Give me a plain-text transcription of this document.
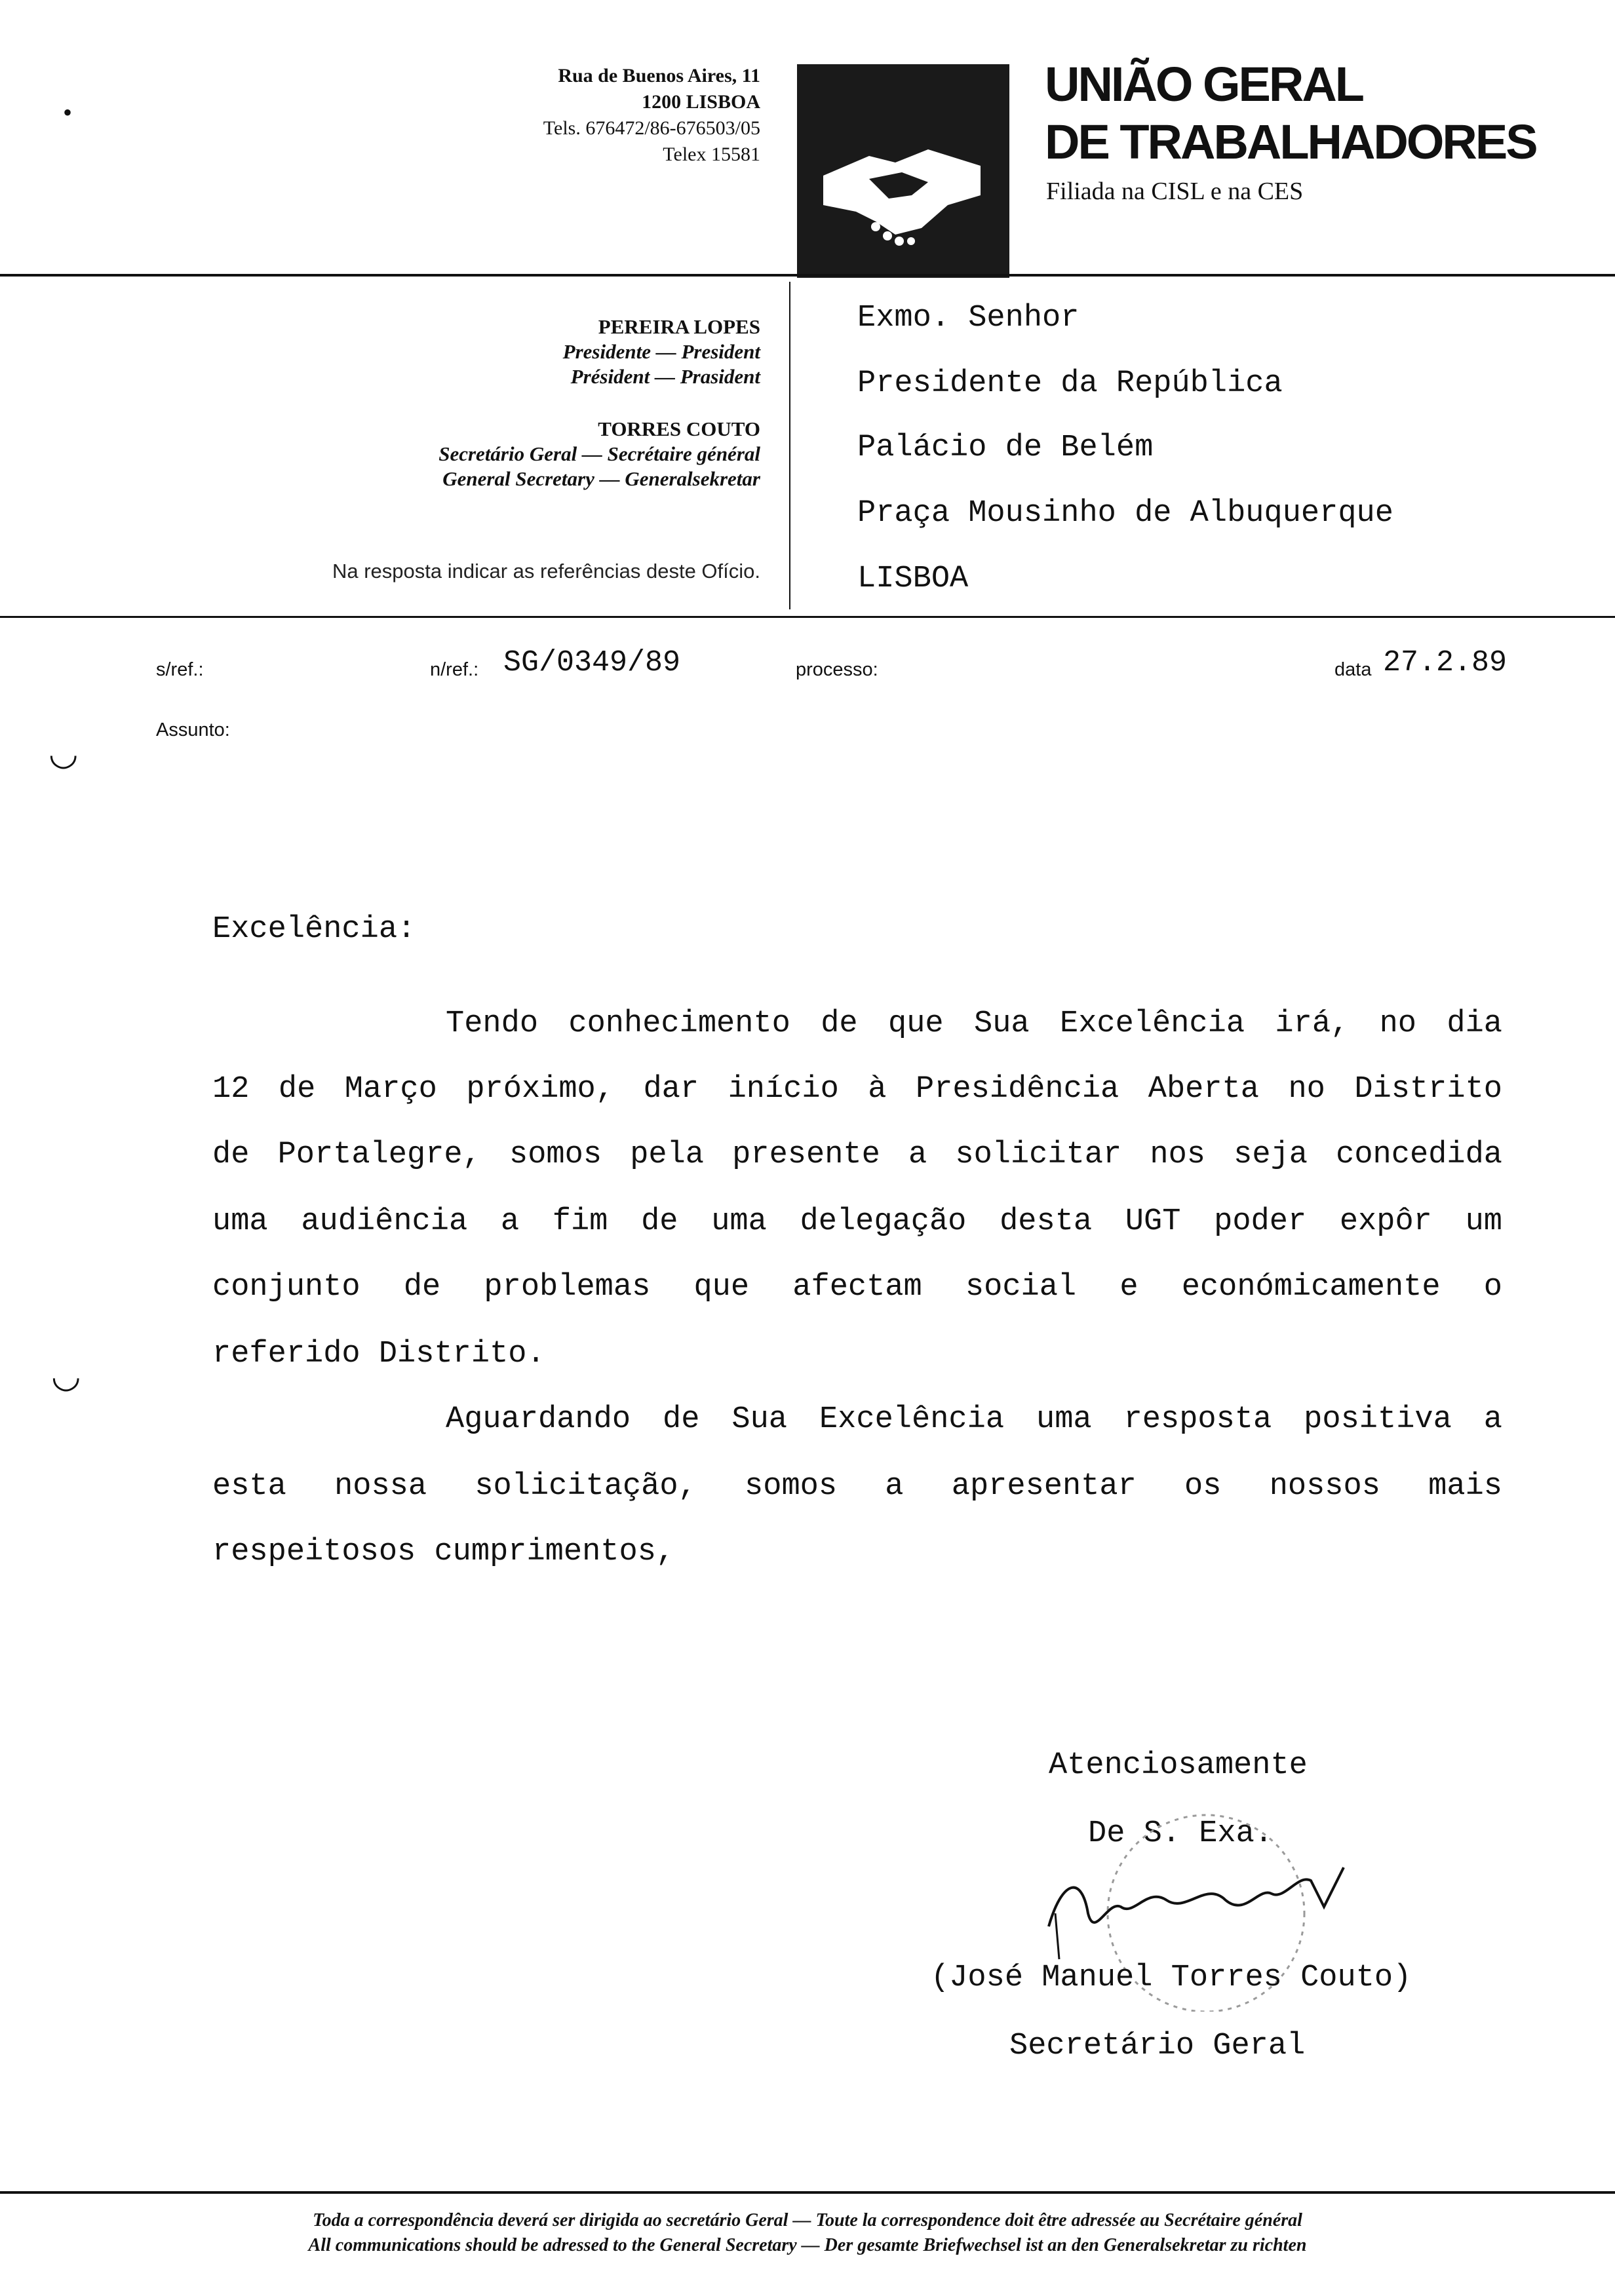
•
◡
◡
Rua de Buenos Aires, 11
1200 LISBOA
Tels. 676472/86-676503/05
Telex 15581
UNIÃO GERAL
DE TRABALHADORES
Filiada na CISL e na CES
PEREIRA LOPES
Presidente — President
Président — Prasident
TORRES COUTO
Secretário Geral — Secrétaire général
General Secretary — Generalsekretar
Na resposta indicar as referências deste Ofício.
Exmo. Senhor
Presidente da República
Palácio de Belém
Praça Mousinho de Albuquerque
LISBOA
s/ref.:	n/ref.: SG/0349/89	processo:	data 27.2.89
Assunto:
Excelência:
Tendo conhecimento de que Sua Excelência irá, no dia
12 de Março próximo, dar início à Presidência Aberta no Distrito
de Portalegre, somos pela presente a solicitar nos seja concedida
uma audiência a fim de uma delegação desta UGT poder expôr um
conjunto de problemas que afectam social e económicamente o
referido Distrito.
Aguardando de Sua Excelência uma resposta positiva a
esta nossa solicitação, somos a apresentar os nossos mais
respeitosos cumprimentos,
Atenciosamente
De S. Exa.
(José Manuel Torres Couto)
Secretário Geral
Toda a correspondência deverá ser dirigida ao secretário Geral — Toute la correspondence doit être adressée au Secrétaire général
All communications should be adressed to the General Secretary — Der gesamte Briefwechsel ist an den Generalsekretar zu richten
